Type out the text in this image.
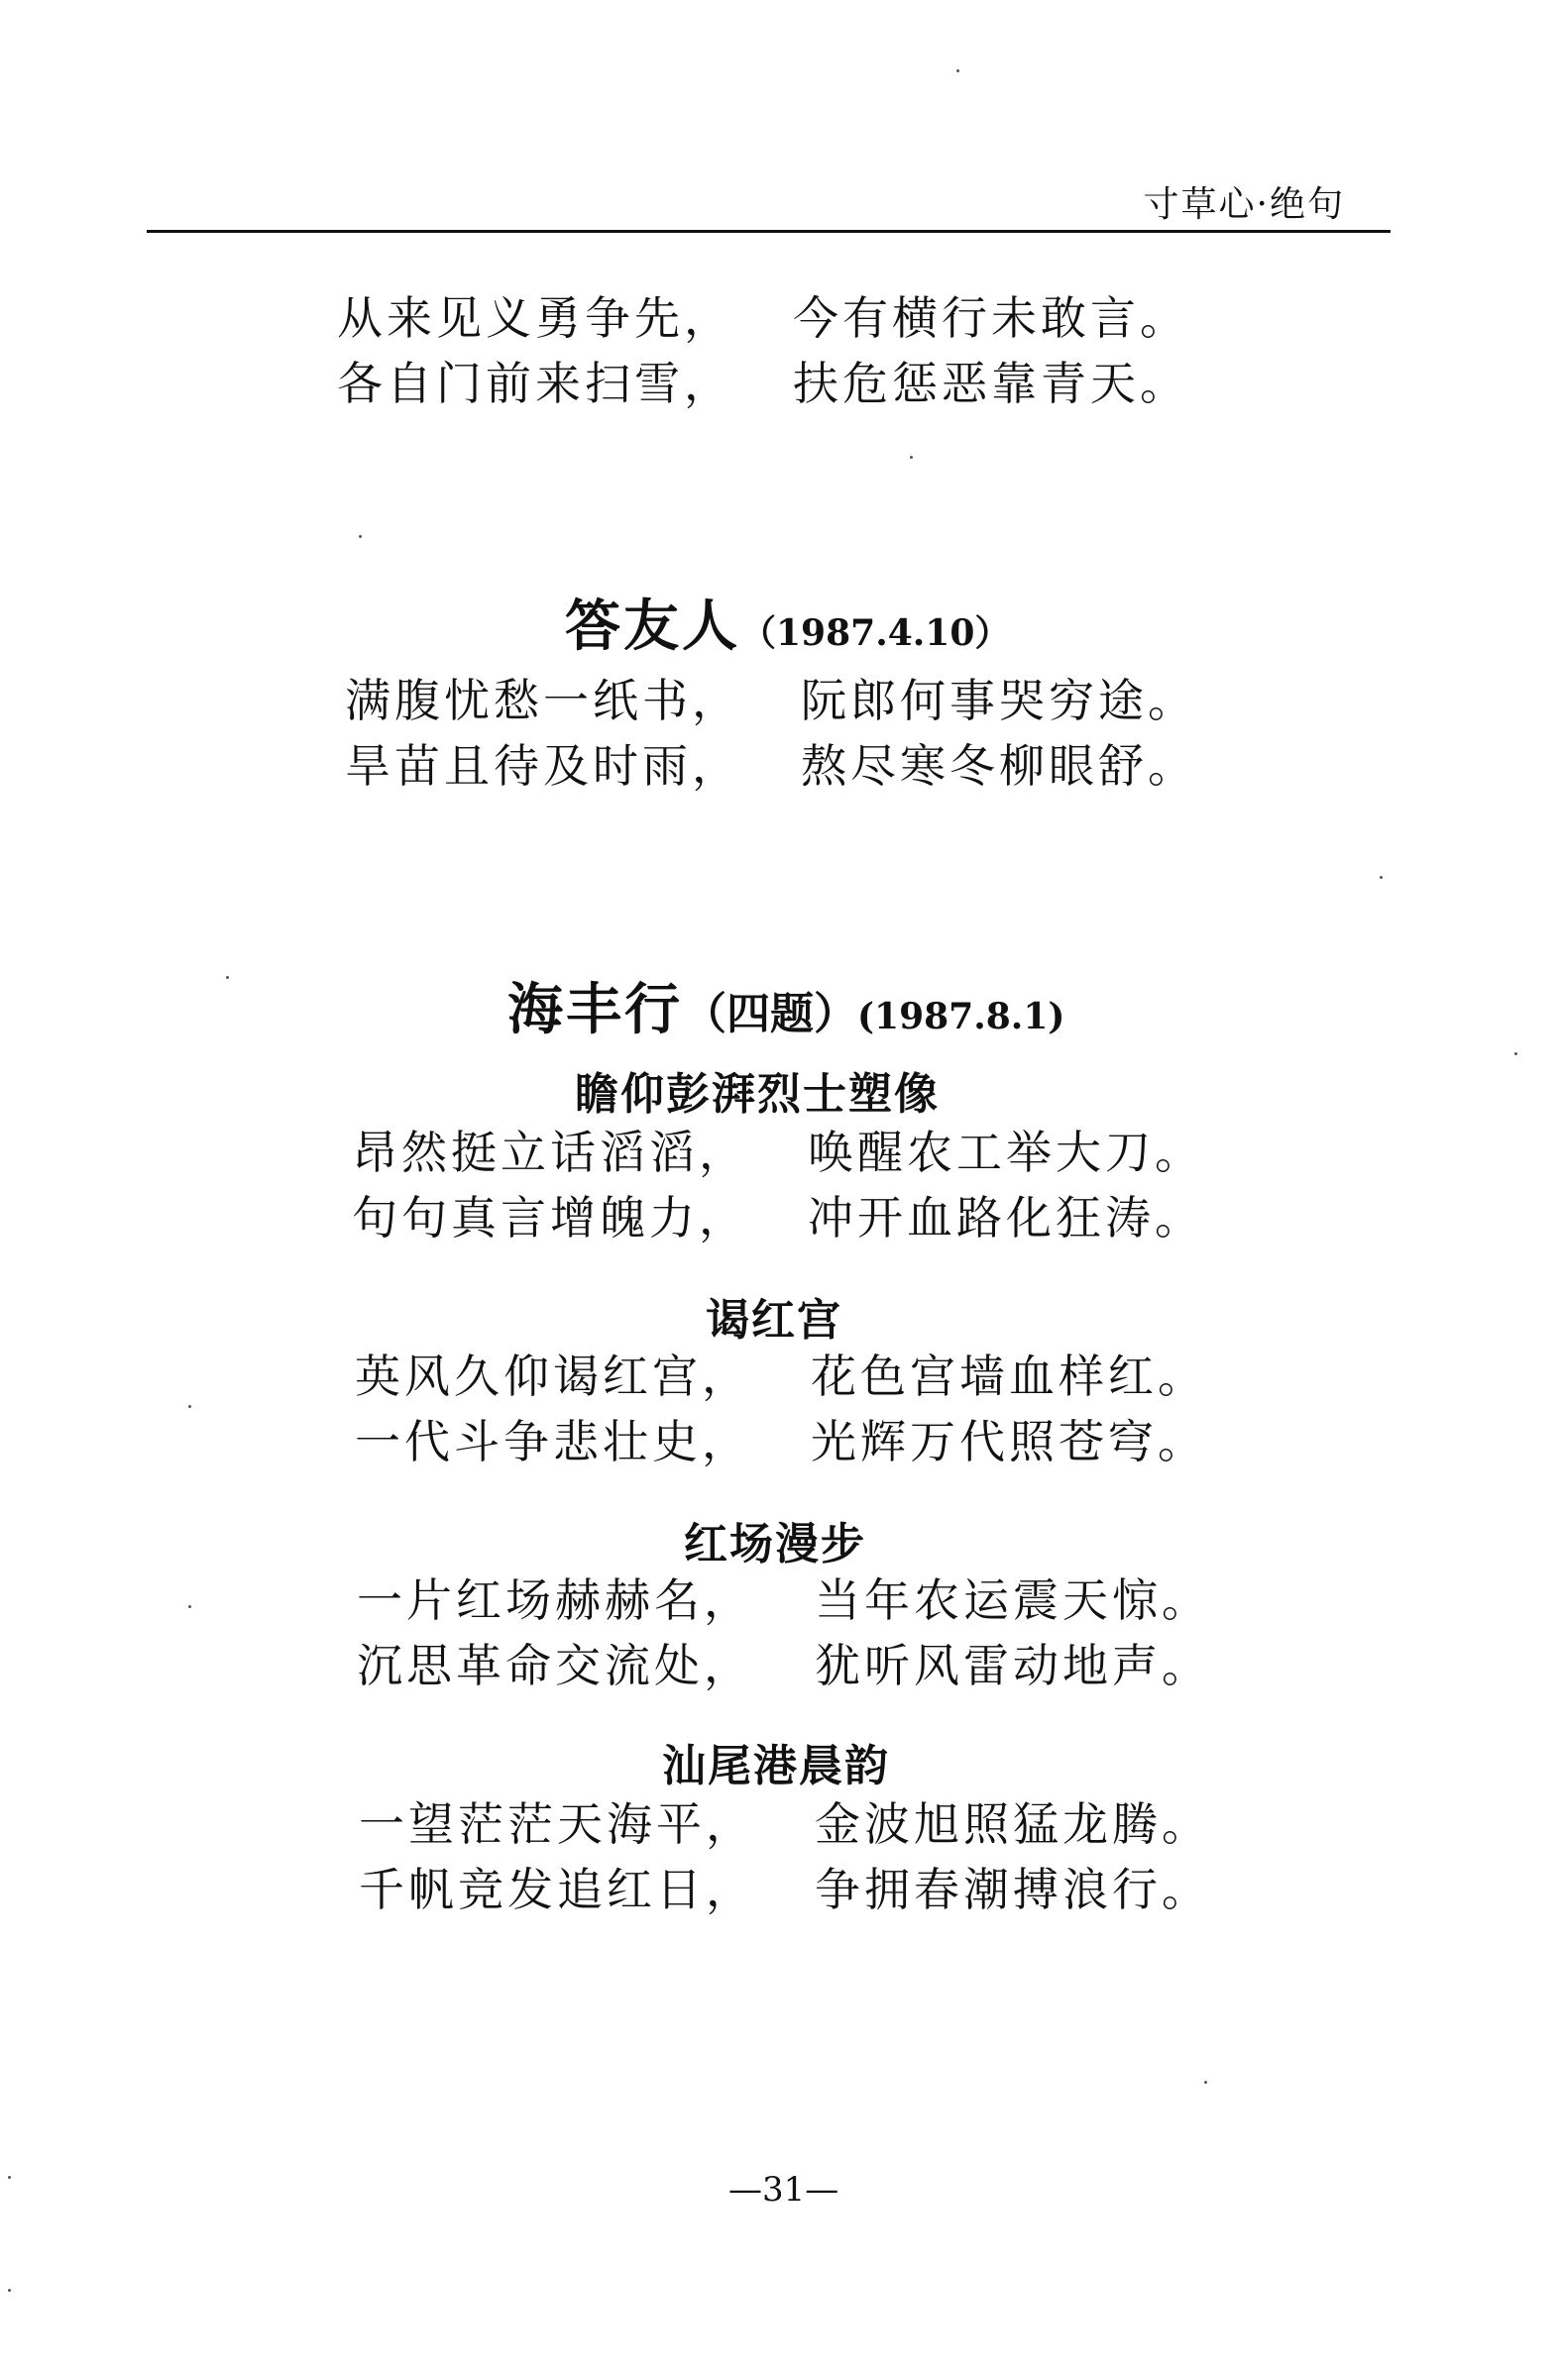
寸草心·绝句
从来见义勇争先， 今有横行未敢言。
各自门前来扫雪， 扶危惩恶靠青天。
答友人（1987.4.10）
满腹忧愁一纸书， 阮郎何事哭穷途。
旱苗且待及时雨， 熬尽寒冬柳眼舒。
海丰行（四题）(1987.8.1)
瞻仰彭湃烈士塑像
昂然挺立话滔滔， 唤醒农工举大刀。
句句真言增魄力， 冲开血路化狂涛。
谒红宫
英风久仰谒红宫， 花色宫墙血样红。
一代斗争悲壮史， 光辉万代照苍穹。
红场漫步
一片红场赫赫名， 当年农运震天惊。
沉思革命交流处， 犹听风雷动地声。
汕尾港晨韵
一望茫茫天海平， 金波旭照猛龙腾。
千帆竞发追红日， 争拥春潮搏浪行。
—31—
